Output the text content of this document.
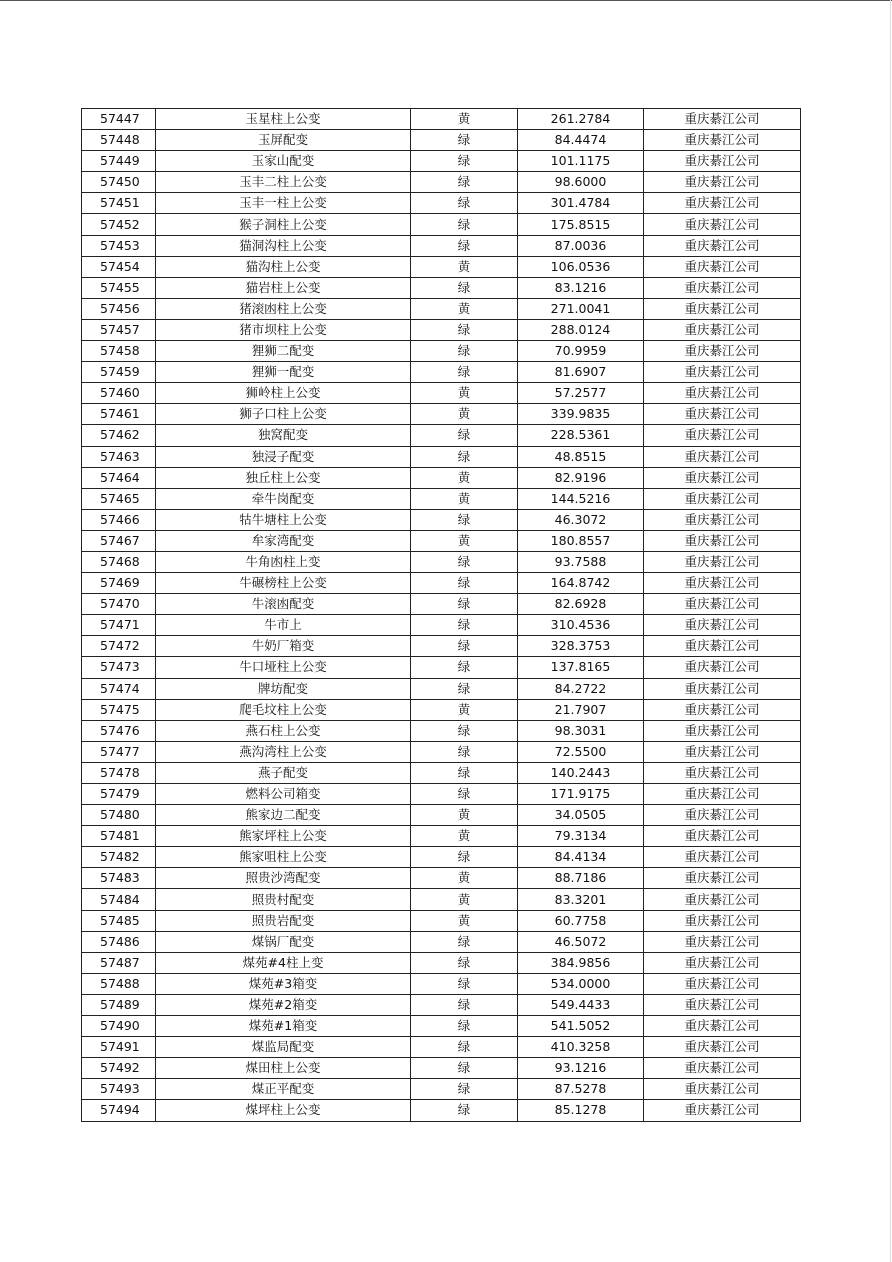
57447	玉星柱上公变	黄	261.2784	重庆綦江公司
57448	玉屏配变	绿	84.4474	重庆綦江公司
57449	玉家山配变	绿	101.1175	重庆綦江公司
57450	玉丰二柱上公变	绿	98.6000	重庆綦江公司
57451	玉丰一柱上公变	绿	301.4784	重庆綦江公司
57452	猴子洞柱上公变	绿	175.8515	重庆綦江公司
57453	猫洞沟柱上公变	绿	87.0036	重庆綦江公司
57454	猫沟柱上公变	黄	106.0536	重庆綦江公司
57455	猫岩柱上公变	绿	83.1216	重庆綦江公司
57456	猪滚凼柱上公变	黄	271.0041	重庆綦江公司
57457	猪市坝柱上公变	绿	288.0124	重庆綦江公司
57458	狸狮二配变	绿	70.9959	重庆綦江公司
57459	狸狮一配变	绿	81.6907	重庆綦江公司
57460	狮岭柱上公变	黄	57.2577	重庆綦江公司
57461	狮子口柱上公变	黄	339.9835	重庆綦江公司
57462	独窝配变	绿	228.5361	重庆綦江公司
57463	独浸子配变	绿	48.8515	重庆綦江公司
57464	独丘柱上公变	黄	82.9196	重庆綦江公司
57465	牵牛岗配变	黄	144.5216	重庆綦江公司
57466	牯牛塘柱上公变	绿	46.3072	重庆綦江公司
57467	牟家湾配变	黄	180.8557	重庆綦江公司
57468	牛角凼柱上变	绿	93.7588	重庆綦江公司
57469	牛碾榜柱上公变	绿	164.8742	重庆綦江公司
57470	牛滚凼配变	绿	82.6928	重庆綦江公司
57471	牛市上	绿	310.4536	重庆綦江公司
57472	牛奶厂箱变	绿	328.3753	重庆綦江公司
57473	牛口垭柱上公变	绿	137.8165	重庆綦江公司
57474	牌坊配变	绿	84.2722	重庆綦江公司
57475	爬毛坟柱上公变	黄	21.7907	重庆綦江公司
57476	燕石柱上公变	绿	98.3031	重庆綦江公司
57477	燕沟湾柱上公变	绿	72.5500	重庆綦江公司
57478	燕子配变	绿	140.2443	重庆綦江公司
57479	燃料公司箱变	绿	171.9175	重庆綦江公司
57480	熊家边二配变	黄	34.0505	重庆綦江公司
57481	熊家坪柱上公变	黄	79.3134	重庆綦江公司
57482	熊家咀柱上公变	绿	84.4134	重庆綦江公司
57483	照贵沙湾配变	黄	88.7186	重庆綦江公司
57484	照贵村配变	黄	83.3201	重庆綦江公司
57485	照贵岩配变	黄	60.7758	重庆綦江公司
57486	煤锅厂配变	绿	46.5072	重庆綦江公司
57487	煤苑#4柱上变	绿	384.9856	重庆綦江公司
57488	煤苑#3箱变	绿	534.0000	重庆綦江公司
57489	煤苑#2箱变	绿	549.4433	重庆綦江公司
57490	煤苑#1箱变	绿	541.5052	重庆綦江公司
57491	煤监局配变	绿	410.3258	重庆綦江公司
57492	煤田柱上公变	绿	93.1216	重庆綦江公司
57493	煤正平配变	绿	87.5278	重庆綦江公司
57494	煤坪柱上公变	绿	85.1278	重庆綦江公司
